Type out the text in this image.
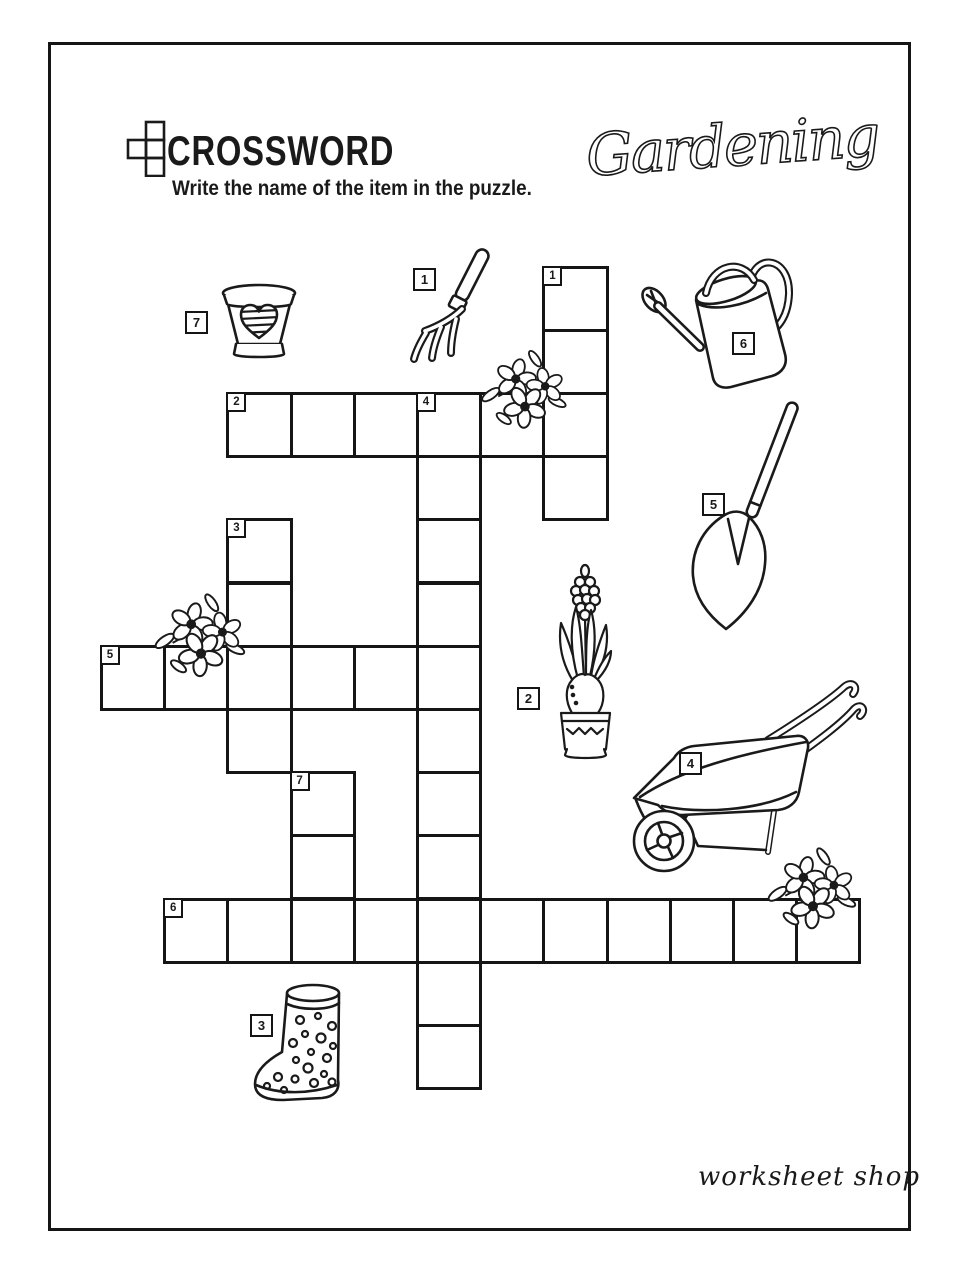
CROSSWORD
Write the name of the item in the puzzle. Gardening
1
2
3
4
5
6
7
7
1
6
5
2
4
3
worksheet shop
